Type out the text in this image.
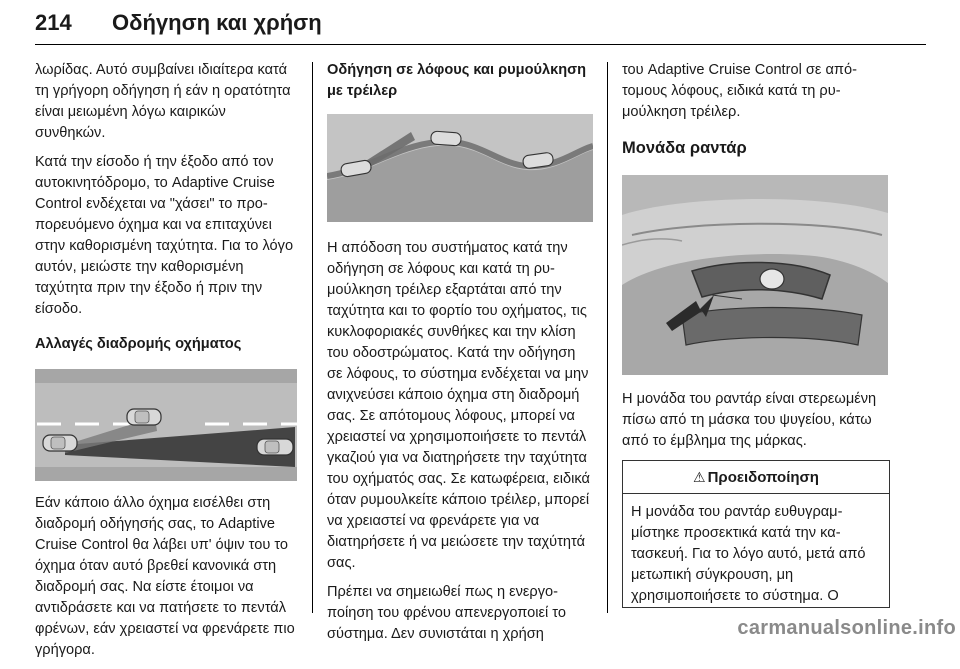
214 Οδήγηση και χρήση

λωρίδας. Αυτό συμβαίνει ιδιαίτερα κατά τη γρήγορη οδήγηση ή εάν η ορατότητα είναι μειωμένη λόγω καιρικών συνθηκών.

Κατά την είσοδο ή την έξοδο από τον αυτοκινητόδρομο, το Adaptive Cruise Control ενδέχεται να "χάσει" το προπορευόμενο όχημα και να επιταχύνει στην καθορισμένη ταχύτητα. Για το λόγο αυτόν, μειώστε την καθορισμένη ταχύτητα πριν την έξοδο ή πριν την είσοδο.

Αλλαγές διαδρομής οχήματος

Εάν κάποιο άλλο όχημα εισέλθει στη διαδρομή οδήγησής σας, το Adaptive Cruise Control θα λάβει υπ' όψιν του το όχημα όταν αυτό βρεθεί κανονικά στη διαδρομή σας. Να είστε έτοιμοι να αντιδράσετε και να πατήσετε το πεντάλ φρένων, εάν χρειαστεί να φρενάρετε πιο γρήγορα.

Οδήγηση σε λόφους και ρυμούλκηση με τρέιλερ

Η απόδοση του συστήματος κατά την οδήγηση σε λόφους και κατά τη ρυμούλκηση τρέιλερ εξαρτάται από την ταχύτητα και το φορτίο του οχήματος, τις κυκλοφοριακές συνθήκες και την κλίση του οδοστρώματος. Κατά την οδήγηση σε λόφους, το σύστημα ενδέχεται να μην ανιχνεύσει κάποιο όχημα στη διαδρομή σας. Σε απότομους λόφους, μπορεί να χρειαστεί να χρησιμοποιήσετε το πεντάλ γκαζιού για να διατηρήσετε την ταχύτητα του οχήματός σας. Σε κατωφέρεια, ειδικά όταν ρυμουλκείτε κάποιο τρέιλερ, μπορεί να χρειαστεί να φρενάρετε για να διατηρήσετε ή να μειώσετε την ταχύτητά σας.

Πρέπει να σημειωθεί πως η ενεργοποίηση του φρένου απενεργοποιεί το σύστημα. Δεν συνιστάται η χρήση

του Adaptive Cruise Control σε απότομους λόφους, ειδικά κατά τη ρυμούλκηση τρέιλερ.

Μονάδα ραντάρ

Η μονάδα του ραντάρ είναι στερεωμένη πίσω από τη μάσκα του ψυγείου, κάτω από το έμβλημα της μάρκας.

⚠ Προειδοποίηση

Η μονάδα του ραντάρ ευθυγραμμίστηκε προσεκτικά κατά την κατασκευή. Για το λόγο αυτό, μετά από μετωπική σύγκρουση, μη χρησιμοποιήσετε το σύστημα. Ο

carmanualsonline.info
